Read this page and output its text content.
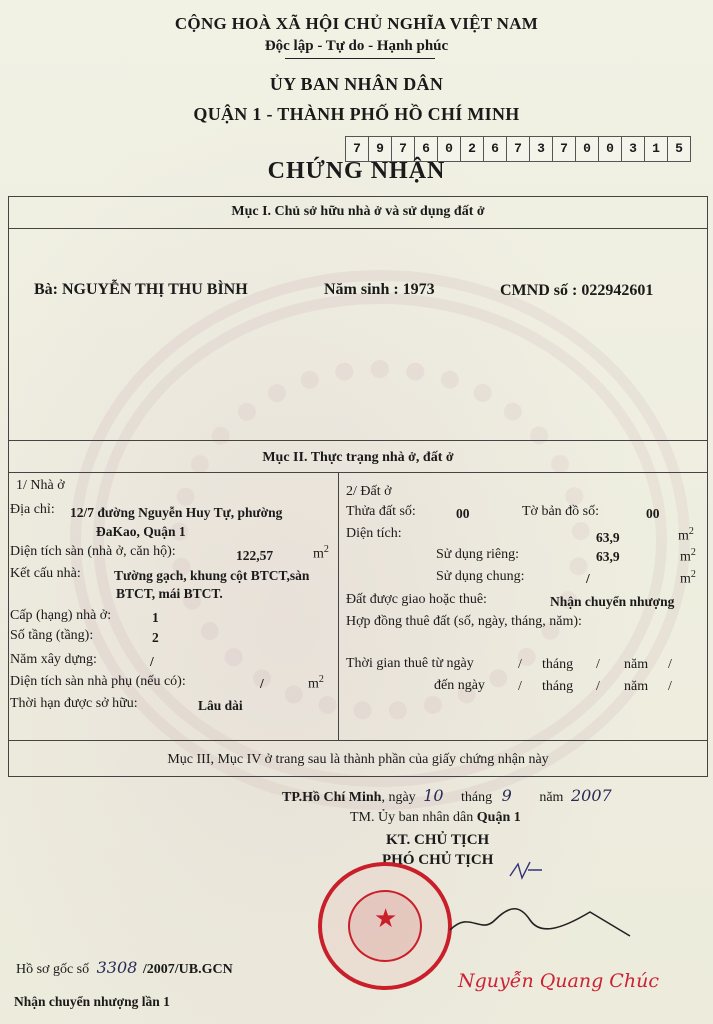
CỘNG HOÀ XÃ HỘI CHỦ NGHĨA VIỆT NAM
Độc lập - Tự do - Hạnh phúc
ỦY BAN NHÂN DÂN
QUẬN 1 - THÀNH PHỐ HỒ CHÍ MINH
7	9	7	6	0	2	6	7	3	7	0	0	3	1	5
CHỨNG NHẬN
Mục I. Chủ sở hữu nhà ở và sử dụng đất ở
Bà: NGUYỄN THỊ THU BÌNH	Năm sinh : 1973	CMND số : 022942601
Mục II. Thực trạng nhà ở, đất ở
1/ Nhà ở
Địa chỉ: 12/7 đường Nguyễn Huy Tự, phường
ĐaKao, Quận 1
Diện tích sàn (nhà ở, căn hộ):	122,57	$m^2$
Kết cấu nhà: Tường gạch, khung cột BTCT,sàn
BTCT, mái BTCT.
Cấp (hạng) nhà ở:	1
Số tầng (tầng):	2
Năm xây dựng:	/
Diện tích sàn nhà phụ (nếu có):	/	$m^2$
Thời hạn được sở hữu:	Lâu dài
2/ Đất ở
Thửa đất số:	00	Tờ bản đồ số:	00
Diện tích:	63,9	$m^2$
Sử dụng riêng:	63,9	$m^2$
Sử dụng chung:	/	$m^2$
Đất được giao hoặc thuê:	Nhận chuyển nhượng
Hợp đồng thuê đất (số, ngày, tháng, năm):
Thời gian thuê từ ngày	/ tháng / năm /
đến ngày / tháng / năm /
Mục III, Mục IV ở trang sau là thành phần của giấy chứng nhận này
TP.Hồ Chí Minh, ngày 10 tháng 9 năm 2007
TM. Ủy ban nhân dân Quận 1
KT. CHỦ TỊCH
PHÓ CHỦ TỊCH
★
Nguyễn Quang Chúc
Hồ sơ gốc số 3308 /2007/UB.GCN
Nhận chuyển nhượng lần 1
